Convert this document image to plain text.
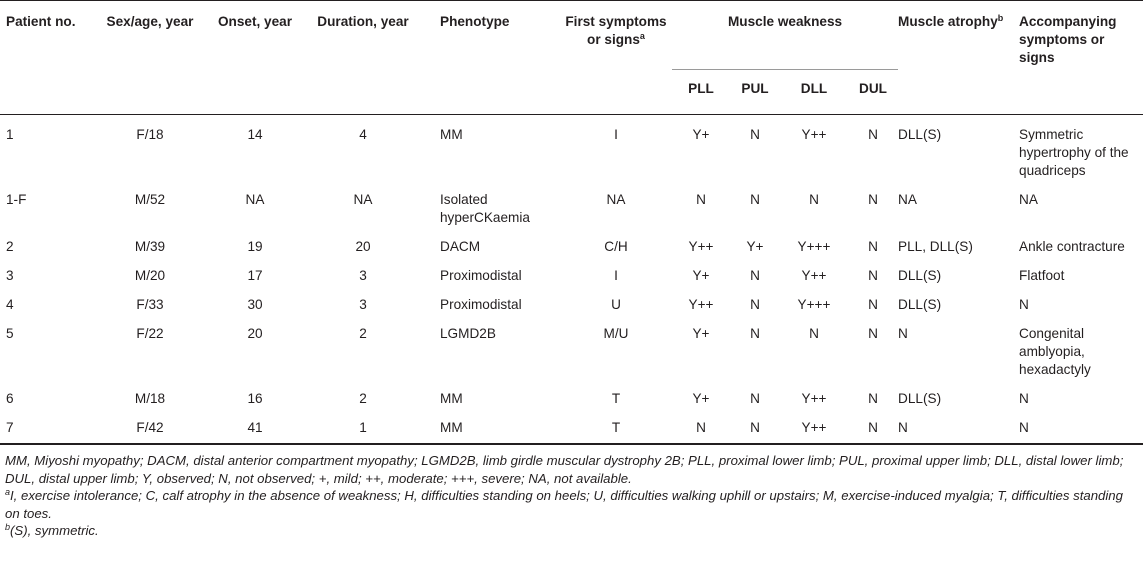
Patient no.	Sex/age, year	Onset, year	Duration, year	Phenotype	First symptoms or signs$^a$	Muscle weakness				Muscle atrophy$^b$	Accompanying symptoms or signs
						PLL	PUL	DLL	DUL		
1	F/18	14	4	MM	I	Y+	N	Y++	N	DLL(S)	Symmetric hypertrophy of the quadriceps
1-F	M/52	NA	NA	Isolated hyperCKaemia	NA	N	N	N	N	NA	NA
2	M/39	19	20	DACM	C/H	Y++	Y+	Y+++	N	PLL, DLL(S)	Ankle contracture
3	M/20	17	3	Proximodistal	I	Y+	N	Y++	N	DLL(S)	Flatfoot
4	F/33	30	3	Proximodistal	U	Y++	N	Y+++	N	DLL(S)	N
5	F/22	20	2	LGMD2B	M/U	Y+	N	N	N	N	Congenital amblyopia, hexadactyly
6	M/18	16	2	MM	T	Y+	N	Y++	N	DLL(S)	N
7	F/42	41	1	MM	T	N	N	Y++	N	N	N

MM, Miyoshi myopathy; DACM, distal anterior compartment myopathy; LGMD2B, limb girdle muscular dystrophy 2B; PLL, proximal lower limb; PUL, proximal upper limb; DLL, distal lower limb; DUL, distal upper limb; Y, observed; N, not observed; +, mild; ++, moderate; +++, severe; NA, not available.

$^a$I, exercise intolerance; C, calf atrophy in the absence of weakness; H, difficulties standing on heels; U, difficulties walking uphill or upstairs; M, exercise-induced myalgia; T, difficulties standing on toes.

$^b$(S), symmetric.
